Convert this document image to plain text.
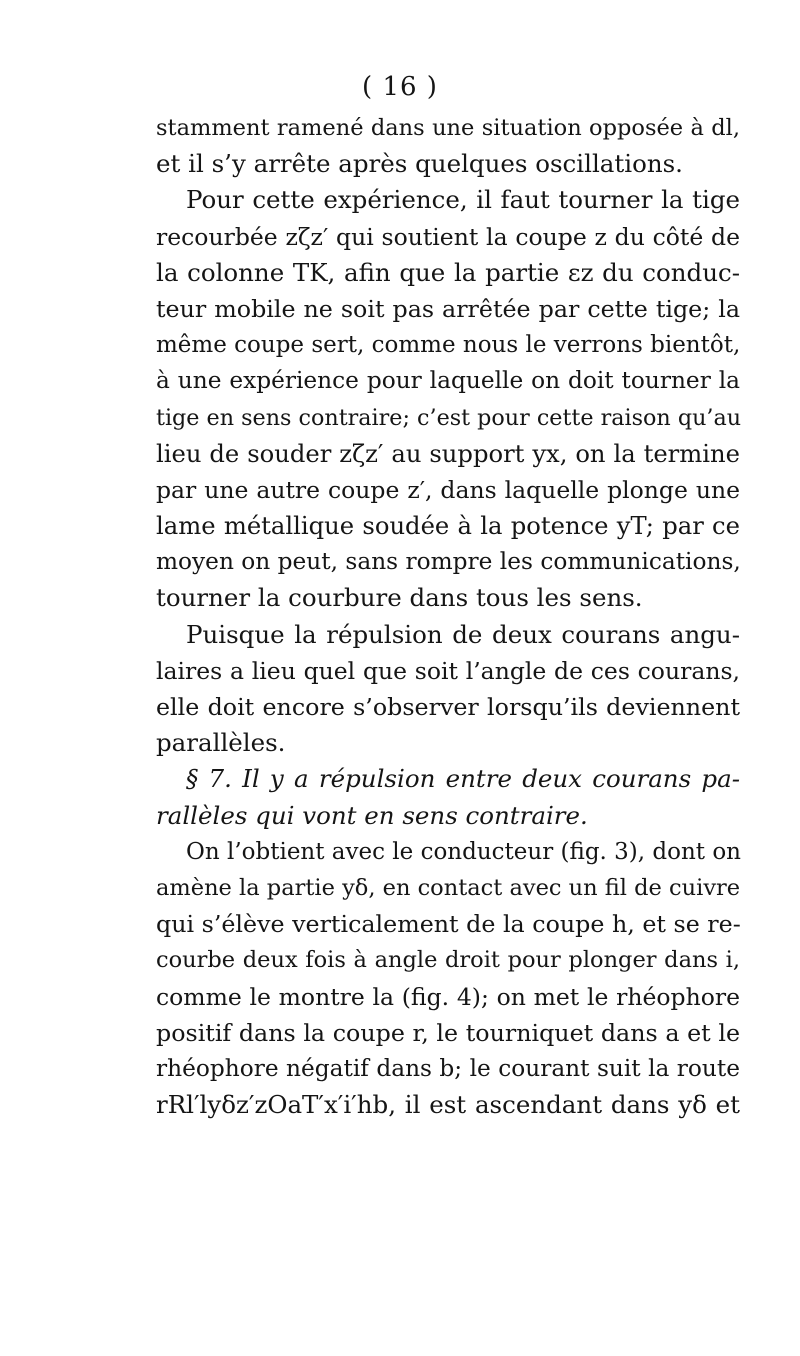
( 16 )
stamment ramené dans une situation opposée à dl,
et il s’y arrête après quelques oscillations.
Pour cette expérience, il faut tourner la tige
recourbée zζz′ qui soutient la coupe z du côté de
la colonne TK, afin que la partie εz du conduc-
teur mobile ne soit pas arrêtée par cette tige; la
même coupe sert, comme nous le verrons bientôt,
à une expérience pour laquelle on doit tourner la
tige en sens contraire; c’est pour cette raison qu’au
lieu de souder zζz′ au support yx, on la termine
par une autre coupe z′, dans laquelle plonge une
lame métallique soudée à la potence yT; par ce
moyen on peut, sans rompre les communications,
tourner la courbure dans tous les sens.
Puisque la répulsion de deux courans angu-
laires a lieu quel que soit l’angle de ces courans,
elle doit encore s’observer lorsqu’ils deviennent
parallèles.
§ 7. Il y a répulsion entre deux courans pa-
rallèles qui vont en sens contraire.
On l’obtient avec le conducteur (fig. 3), dont on
amène la partie yδ, en contact avec un fil de cuivre
qui s’élève verticalement de la coupe h, et se re-
courbe deux fois à angle droit pour plonger dans i,
comme le montre la (fig. 4); on met le rhéophore
positif dans la coupe r, le tourniquet dans a et le
rhéophore négatif dans b; le courant suit la route
rRl′lyδz′zOaT′x′i′hb, il est ascendant dans yδ et
